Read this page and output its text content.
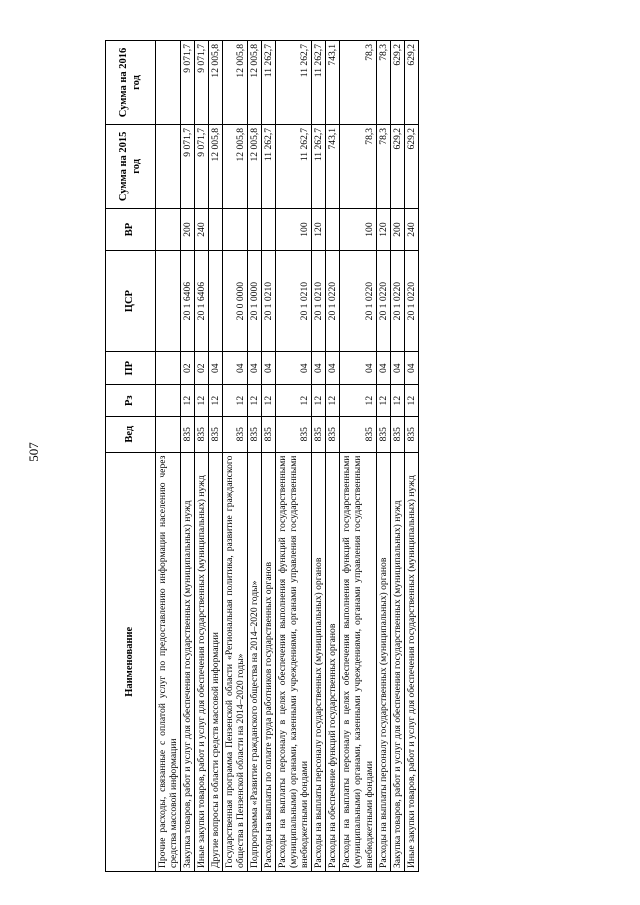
507
Наименование	Вед	Рз	ПР	ЦСР	ВР	Сумма на 2015 год	Сумма на 2016 год
Прочие расходы, связанные с оплатой услуг по предоставлению информации населению через средства массовой информации							
Закупка товаров, работ и услуг для обеспечения государственных (муниципальных) нужд	835	12	02	20 1 6406	200	9 071,7	9 071,7
Иные закупки товаров, работ и услуг для обеспечения государственных (муниципальных) нужд	835	12	02	20 1 6406	240	9 071,7	9 071,7
Другие вопросы в области средств массовой информации	835	12	04			12 005,8	12 005,8
Государственная программа Пензенской области «Региональная политика, развитие гражданского общества в Пензенской области на 2014–2020 годы»	835	12	04	20 0 0000		12 005,8	12 005,8
Подпрограмма «Развитие гражданского общества на 2014–2020 годы»	835	12	04	20 1 0000		12 005,8	12 005,8
Расходы на выплаты по оплате труда работников государственных органов	835	12	04	20 1 0210		11 262,7	11 262,7
Расходы на выплаты персоналу в целях обеспечения выполнения функций государственными (муниципальными) органами, казенными учреждениями, органами управления государственными внебюджетными фондами	835	12	04	20 1 0210	100	11 262,7	11 262,7
Расходы на выплаты персоналу государственных (муниципальных) органов	835	12	04	20 1 0210	120	11 262,7	11 262,7
Расходы на обеспечение функций государственных органов	835	12	04	20 1 0220		743,1	743,1
Расходы на выплаты персоналу в целях обеспечения выполнения функций государственными (муниципальными) органами, казенными учреждениями, органами управления государственными внебюджетными фондами	835	12	04	20 1 0220	100	78,3	78,3
Расходы на выплаты персоналу государственных (муниципальных) органов	835	12	04	20 1 0220	120	78,3	78,3
Закупка товаров, работ и услуг для обеспечения государственных (муниципальных) нужд	835	12	04	20 1 0220	200	629,2	629,2
Иные закупки товаров, работ и услуг для обеспечения государственных (муниципальных) нужд	835	12	04	20 1 0220	240	629,2	629,2
